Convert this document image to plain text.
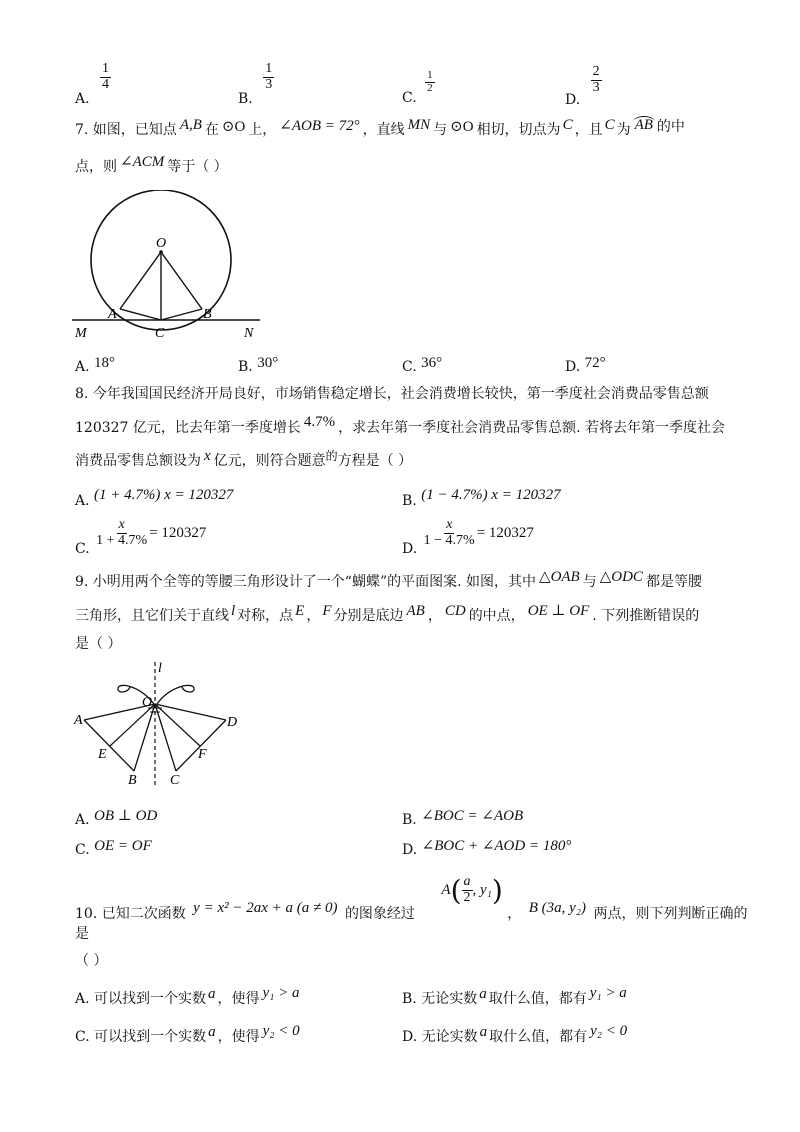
A.
$\frac{1}{4}$
B.
$\frac{1}{3}$
C.
$\frac{1}{2}$
D.
$\frac{2}{3}$
7. 如图，已知点 A,B 在 ⊙O 上， ∠AOB = 72° ，直线 MN 与 ⊙O 相切，切点为 C ，且 C 为 AB 的中
点，则 ∠ACM 等于（ ）
O
A	B
C
M	N
A. 18°	B. 30°	C. 36°	D. 72°
8. 今年我国国民经济开局良好，市场销售稳定增长，社会消费增长较快，第一季度社会消费品零售总额
120327 亿元，比去年第一季度增长 4.7% ，求去年第一季度社会消费品零售总额. 若将去年第一季度社会
消费品零售总额设为 x 亿元，则符合题意的方程是（ ）
A. (1 + 4.7%) x = 120327	B. (1 − 4.7%) x = 120327
C.
$\frac{x}{1 + 4.7\%} = 120327$
D.
$\frac{x}{1 - 4.7\%} = 120327$
9. 小明用两个全等的等腰三角形设计了一个“蝴蝶”的平面图案. 如图，其中 △OAB 与 △ODC 都是等腰
三角形，且它们关于直线 l 对称，点 E ， F 分别是底边 AB ， CD 的中点， OE ⊥ OF . 下列推断错误的
是（ ）
l
O
A
E
B C
F
D
A. OB ⊥ OD	B. ∠BOC = ∠AOB
C. OE = OF	D. ∠BOC + ∠AOD = 180°
10. 已知二次函数 y = x² − 2ax + a (a ≠ 0) 的图象经过
A ( $\frac{a}{2}$ , y₁ )
， B (3a, y₂) 两点，则下列判断正确的
是
（ ）
A. 可以找到一个实数 a ，使得 y₁ > a	B. 无论实数 a 取什么值，都有 y₁ > a
C. 可以找到一个实数 a ，使得 y₂ < 0	D. 无论实数 a 取什么值，都有 y₂ < 0
